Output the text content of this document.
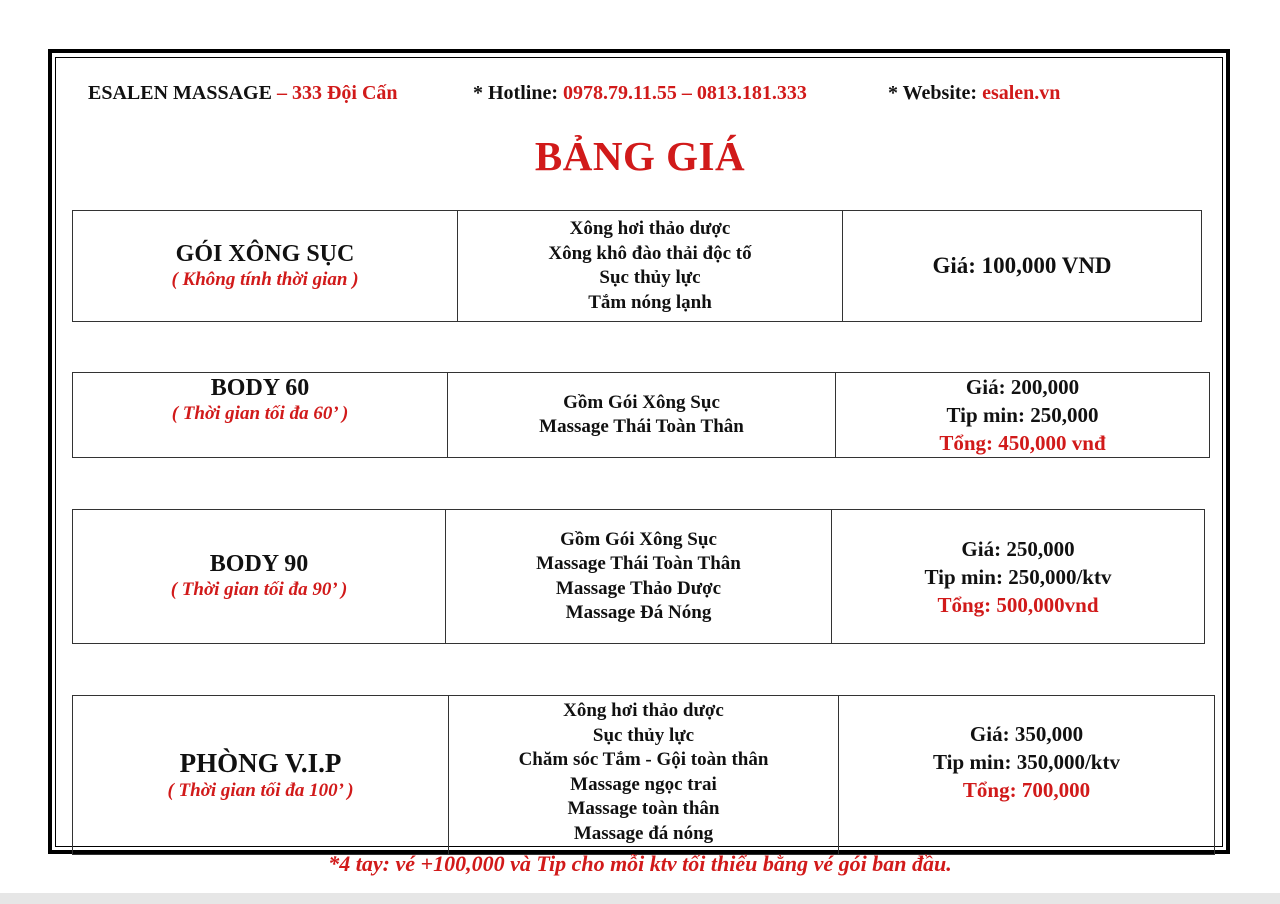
ESALEN MASSAGE – 333 Đội Cấn	* Hotline: 0978.79.11.55 – 0813.181.333	* Website: esalen.vn
BẢNG GIÁ
GÓI XÔNG SỤC
( Không tính thời gian )

Xông hơi thảo dược
Xông khô đào thải độc tố
Sục thủy lực
Tắm nóng lạnh

Giá: 100,000 VND
BODY 60
( Thời gian tối đa 60’ )

Gồm Gói Xông Sục
Massage Thái Toàn Thân

Giá: 200,000
Tip min: 250,000
Tổng: 450,000 vnđ
BODY 90
( Thời gian tối đa 90’ )

Gồm Gói Xông Sục
Massage Thái Toàn Thân
Massage Thảo Dược
Massage Đá Nóng

Giá: 250,000
Tip min: 250,000/ktv
Tổng: 500,000vnd
PHÒNG V.I.P
( Thời gian tối đa 100’ )

Xông hơi thảo dược
Sục thủy lực
Chăm sóc Tắm - Gội toàn thân
Massage ngọc trai
Massage toàn thân
Massage đá nóng

Giá: 350,000
Tip min: 350,000/ktv
Tổng: 700,000
*4 tay: vé +100,000 và Tip cho mỗi ktv tối thiểu bằng vé gói ban đầu.
